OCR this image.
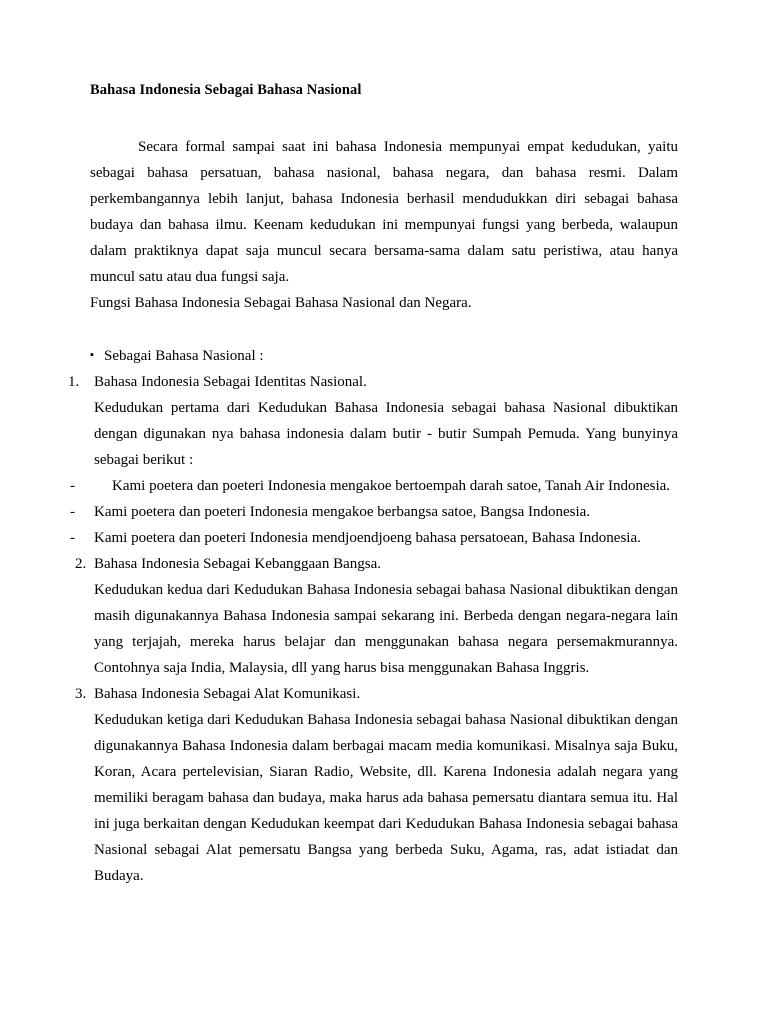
Bahasa Indonesia Sebagai Bahasa Nasional

Secara formal sampai saat ini bahasa Indonesia mempunyai empat kedudukan, yaitu sebagai bahasa persatuan, bahasa nasional, bahasa negara, dan bahasa resmi. Dalam perkembangannya lebih lanjut, bahasa Indonesia berhasil mendudukkan diri sebagai bahasa budaya dan bahasa ilmu. Keenam kedudukan ini mempunyai fungsi yang berbeda, walaupun dalam praktiknya dapat saja muncul secara bersama-sama dalam satu peristiwa, atau hanya muncul satu atau dua fungsi saja.

Fungsi Bahasa Indonesia Sebagai Bahasa Nasional dan Negara.

▪ Sebagai Bahasa Nasional :
1. Bahasa Indonesia Sebagai Identitas Nasional.

Kedudukan pertama dari Kedudukan Bahasa Indonesia sebagai bahasa Nasional dibuktikan dengan digunakan nya bahasa indonesia dalam butir - butir Sumpah Pemuda. Yang bunyinya sebagai berikut :

-	Kami poetera dan poeteri Indonesia mengakoe bertoempah darah satoe, Tanah Air Indonesia.
-	Kami poetera dan poeteri Indonesia mengakoe berbangsa satoe, Bangsa Indonesia.
-	Kami poetera dan poeteri Indonesia mendjoendjoeng bahasa persatoean, Bahasa Indonesia.
2. Bahasa Indonesia Sebagai Kebanggaan Bangsa.

Kedudukan kedua dari Kedudukan Bahasa Indonesia sebagai bahasa Nasional dibuktikan dengan masih digunakannya Bahasa Indonesia sampai sekarang ini. Berbeda dengan negara-negara lain yang terjajah, mereka harus belajar dan menggunakan bahasa negara persemakmurannya. Contohnya saja India, Malaysia, dll yang harus bisa menggunakan Bahasa Inggris.

3. Bahasa Indonesia Sebagai Alat Komunikasi.

Kedudukan ketiga dari Kedudukan Bahasa Indonesia sebagai bahasa Nasional dibuktikan dengan digunakannya Bahasa Indonesia dalam berbagai macam media komunikasi. Misalnya saja Buku, Koran, Acara pertelevisian, Siaran Radio, Website, dll. Karena Indonesia adalah negara yang memiliki beragam bahasa dan budaya, maka harus ada bahasa pemersatu diantara semua itu. Hal ini juga berkaitan dengan Kedudukan keempat dari Kedudukan Bahasa Indonesia sebagai bahasa Nasional sebagai Alat pemersatu Bangsa yang berbeda Suku, Agama, ras, adat istiadat dan Budaya.
